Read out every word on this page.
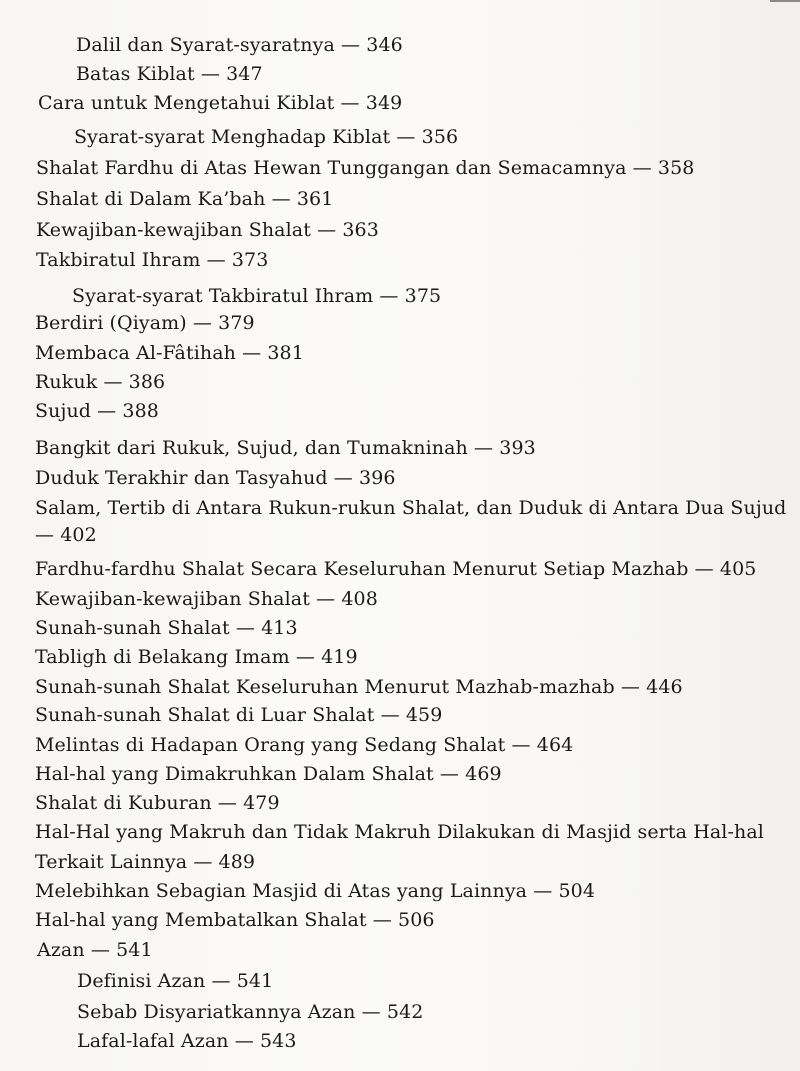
Dalil dan Syarat-syaratnya — 346
Batas Kiblat — 347
Cara untuk Mengetahui Kiblat — 349
Syarat-syarat Menghadap Kiblat — 356
Shalat Fardhu di Atas Hewan Tunggangan dan Semacamnya — 358
Shalat di Dalam Ka’bah — 361
Kewajiban-kewajiban Shalat — 363
Takbiratul Ihram — 373
Syarat-syarat Takbiratul Ihram — 375
Berdiri (Qiyam) — 379
Membaca Al-Fâtihah — 381
Rukuk — 386
Sujud — 388
Bangkit dari Rukuk, Sujud, dan Tumakninah — 393
Duduk Terakhir dan Tasyahud — 396
Salam, Tertib di Antara Rukun-rukun Shalat, dan Duduk di Antara Dua Sujud
— 402
Fardhu-fardhu Shalat Secara Keseluruhan Menurut Setiap Mazhab — 405
Kewajiban-kewajiban Shalat — 408
Sunah-sunah Shalat — 413
Tabligh di Belakang Imam — 419
Sunah-sunah Shalat Keseluruhan Menurut Mazhab-mazhab — 446
Sunah-sunah Shalat di Luar Shalat — 459
Melintas di Hadapan Orang yang Sedang Shalat — 464
Hal-hal yang Dimakruhkan Dalam Shalat — 469
Shalat di Kuburan — 479
Hal-Hal yang Makruh dan Tidak Makruh Dilakukan di Masjid serta Hal-hal
Terkait Lainnya — 489
Melebihkan Sebagian Masjid di Atas yang Lainnya — 504
Hal-hal yang Membatalkan Shalat — 506
Azan — 541
Definisi Azan — 541
Sebab Disyariatkannya Azan — 542
Lafal-lafal Azan — 543
